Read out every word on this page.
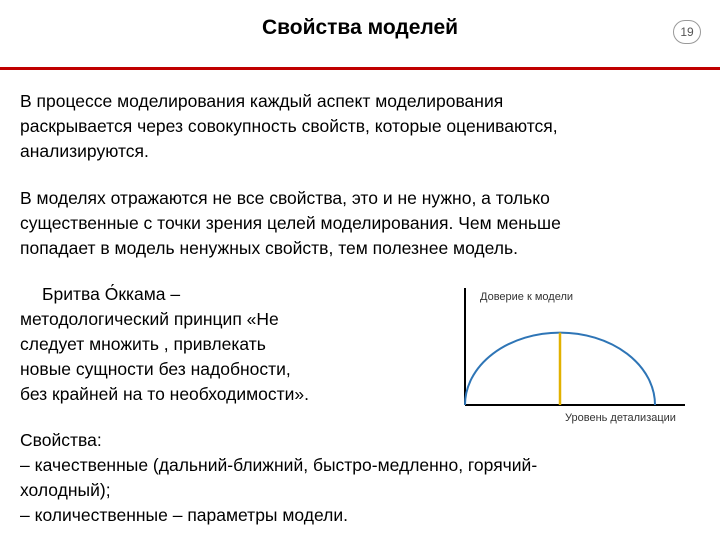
Свойства моделей	19
В процессе моделирования каждый аспект моделирования
раскрывается через совокупность свойств, которые оцениваются,
анализируются.
В моделях отражаются не все свойства, это и не нужно, а только
существенные с точки зрения целей моделирования. Чем меньше
попадает в модель ненужных свойств, тем полезнее модель.
Бритва О́ккама –
методологический принцип «Не
следует множить , привлекать
новые сущности без надобности,
без крайней на то необходимости».
Свойства:
– качественные (дальний-ближний, быстро-медленно, горячий-
холодный);
– количественные – параметры модели.
Доверие к модели
Уровень детализации
